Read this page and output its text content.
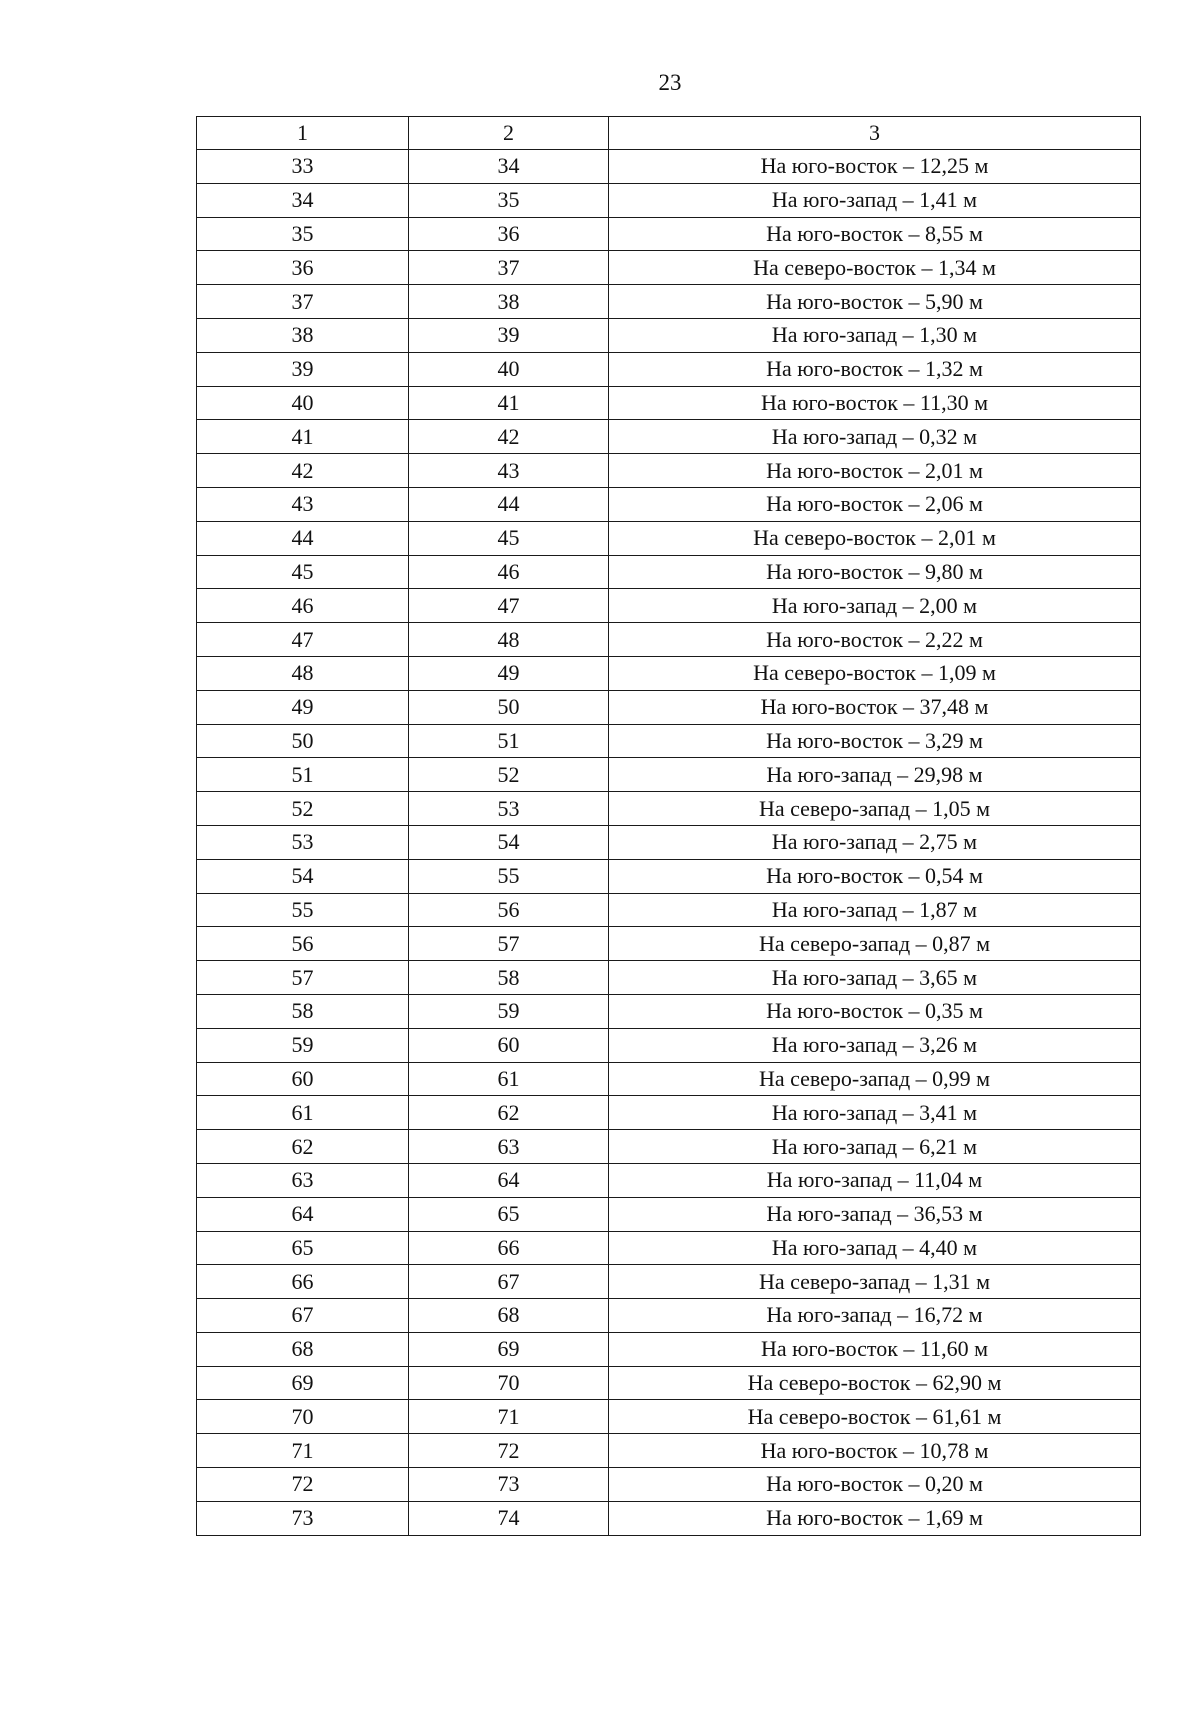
23
1	2	3
33	34	На юго-восток – 12,25 м
34	35	На юго-запад – 1,41 м
35	36	На юго-восток – 8,55 м
36	37	На северо-восток – 1,34 м
37	38	На юго-восток – 5,90 м
38	39	На юго-запад – 1,30 м
39	40	На юго-восток – 1,32 м
40	41	На юго-восток – 11,30 м
41	42	На юго-запад – 0,32 м
42	43	На юго-восток – 2,01 м
43	44	На юго-восток – 2,06 м
44	45	На северо-восток – 2,01 м
45	46	На юго-восток – 9,80 м
46	47	На юго-запад – 2,00 м
47	48	На юго-восток – 2,22 м
48	49	На северо-восток – 1,09 м
49	50	На юго-восток – 37,48 м
50	51	На юго-восток – 3,29 м
51	52	На юго-запад – 29,98 м
52	53	На северо-запад – 1,05 м
53	54	На юго-запад – 2,75 м
54	55	На юго-восток – 0,54 м
55	56	На юго-запад – 1,87 м
56	57	На северо-запад – 0,87 м
57	58	На юго-запад – 3,65 м
58	59	На юго-восток – 0,35 м
59	60	На юго-запад – 3,26 м
60	61	На северо-запад – 0,99 м
61	62	На юго-запад – 3,41 м
62	63	На юго-запад – 6,21 м
63	64	На юго-запад – 11,04 м
64	65	На юго-запад – 36,53 м
65	66	На юго-запад – 4,40 м
66	67	На северо-запад – 1,31 м
67	68	На юго-запад – 16,72 м
68	69	На юго-восток – 11,60 м
69	70	На северо-восток – 62,90 м
70	71	На северо-восток – 61,61 м
71	72	На юго-восток – 10,78 м
72	73	На юго-восток – 0,20 м
73	74	На юго-восток – 1,69 м
